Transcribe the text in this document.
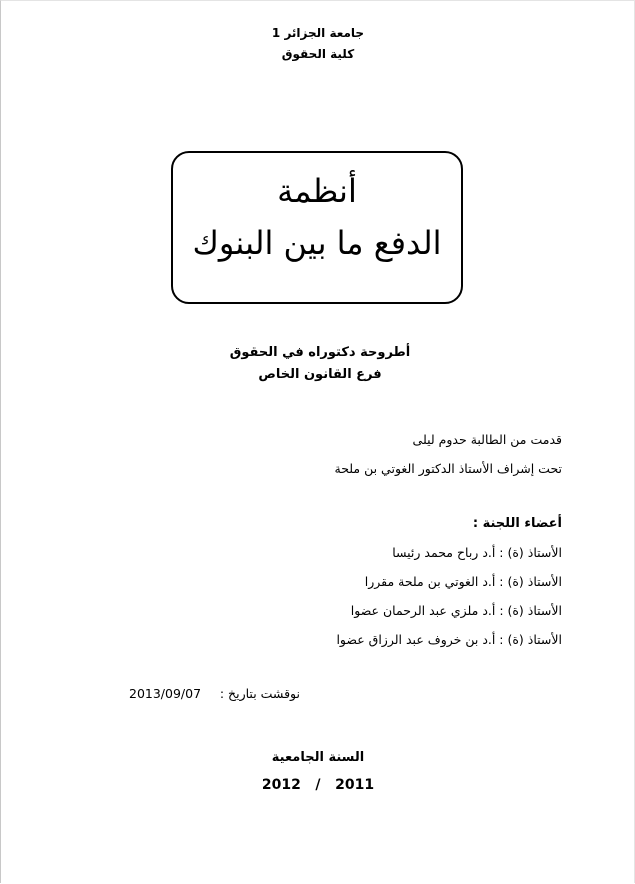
جامعة الجزائر 1
كلية الحقوق
أنظمة
الدفع ما بين البنوك
أطروحة دكتوراه في الحقوق
فرع القانون الخاص
قدمت من الطالبة حدوم ليلى
تحت إشراف الأستاذ الدكتور الغوتي بن ملحة
أعضاء اللجنة :
الأستاذ (ة) : أ.د رباح محمد رئيسا
الأستاذ (ة) : أ.د الغوتي بن ملحة مقررا
الأستاذ (ة) : أ.د ملزي عبد الرحمان عضوا
الأستاذ (ة) : أ.د بن خروف عبد الرزاق عضوا
نوقشت بتاريخ :
2013/09/07
السنة الجامعية
2012   /   2011
